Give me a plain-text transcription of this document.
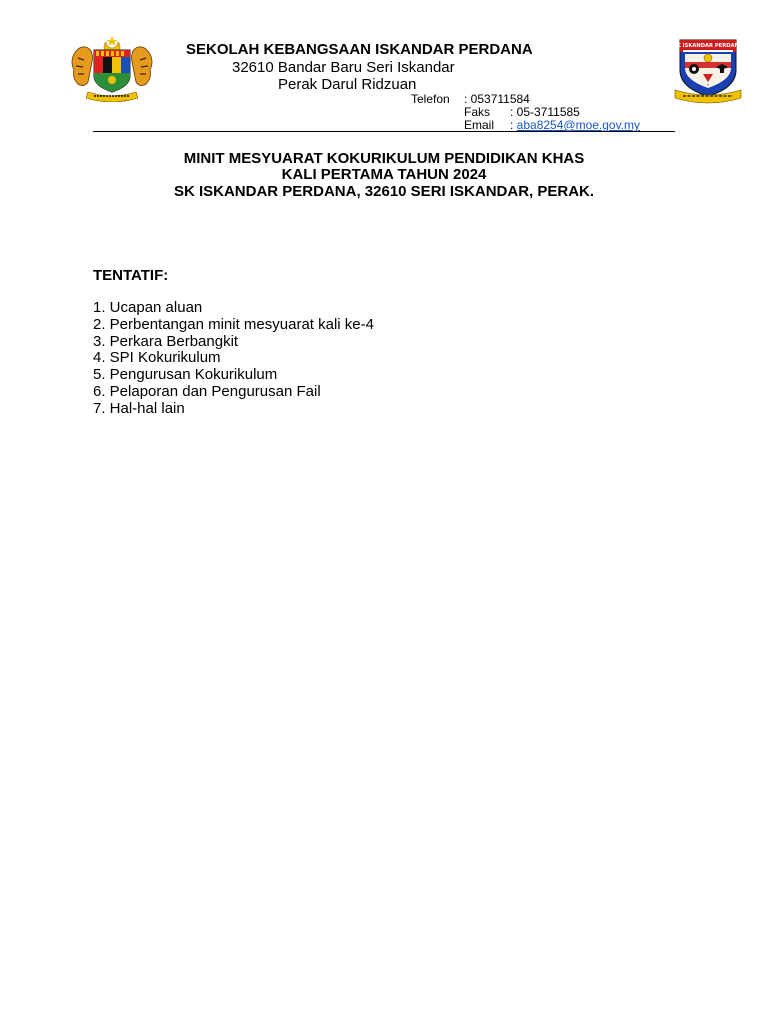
SEKOLAH KEBANGSAAN ISKANDAR PERDANA
32610 Bandar Baru Seri Iskandar
Perak Darul Ridzuan
Telefon : 053711584
Faks : 05-3711585
Email : aba8254@moe.gov.my
SK ISKANDAR PERDANA
☼
MINIT MESYUARAT KOKURIKULUM PENDIDIKAN KHAS
KALI PERTAMA TAHUN 2024
SK ISKANDAR PERDANA, 32610 SERI ISKANDAR, PERAK.
TENTATIF:
1. Ucapan aluan
2. Perbentangan minit mesyuarat kali ke-4
3. Perkara Berbangkit
4. SPI Kokurikulum
5. Pengurusan Kokurikulum
6. Pelaporan dan Pengurusan Fail
7. Hal-hal lain
